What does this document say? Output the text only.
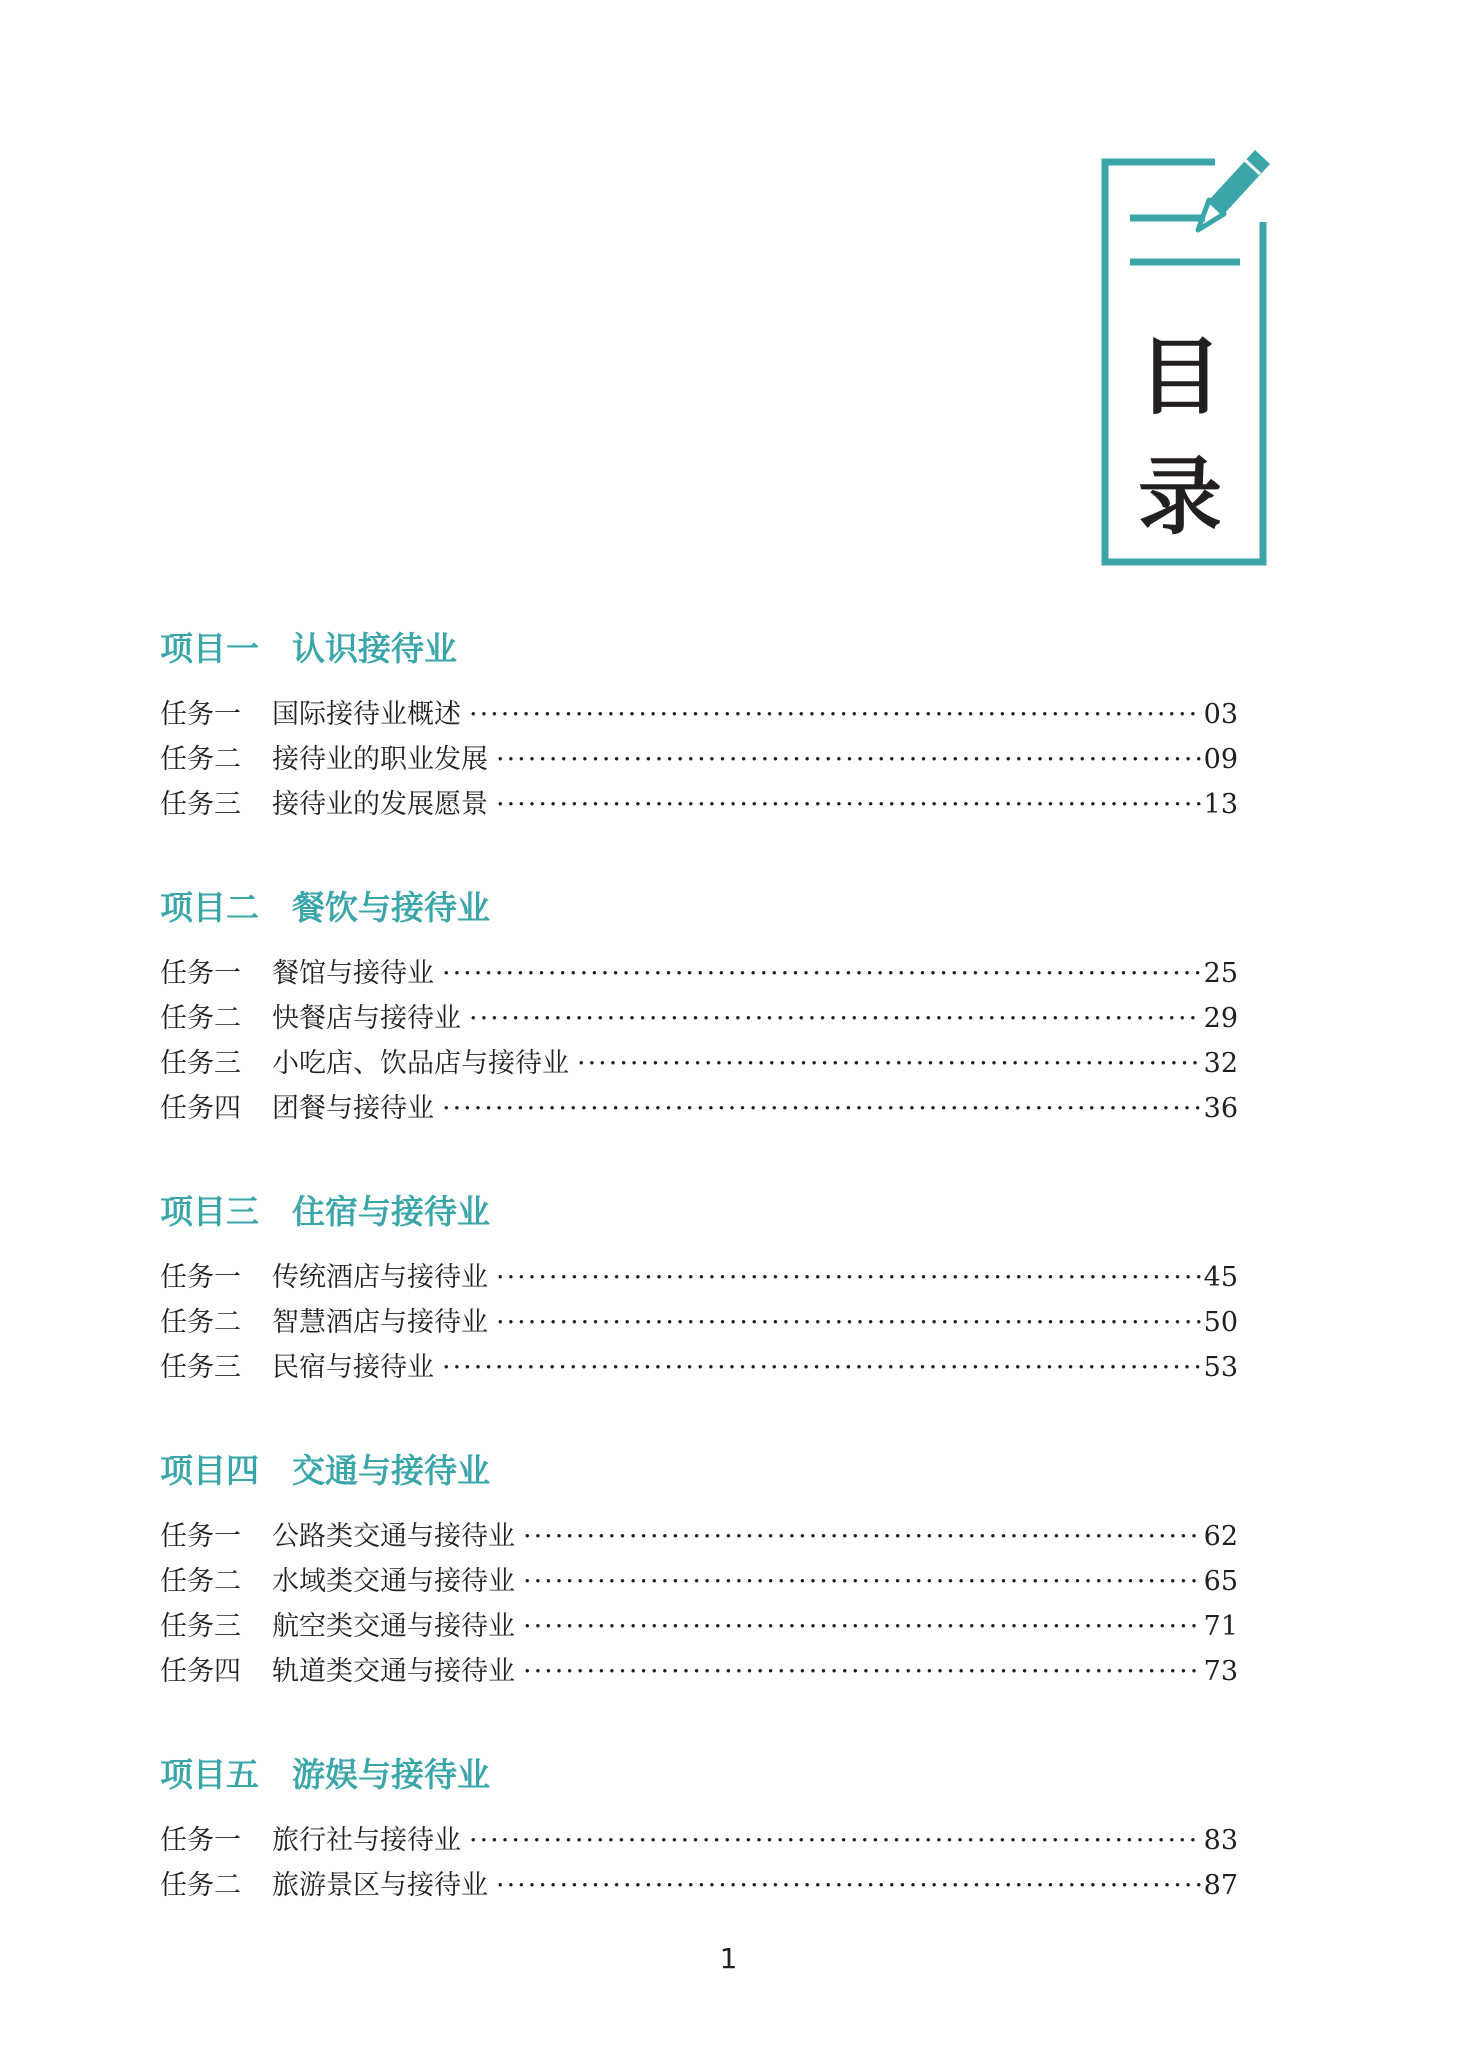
目
录
项目一 认识接待业
任务一	国际接待业概述 ·····	03
任务二	接待业的职业发展 ·····	09
任务三	接待业的发展愿景 ·····	13
项目二 餐饮与接待业
任务一	餐馆与接待业 ·····	25
任务二	快餐店与接待业 ·····	29
任务三	小吃店、饮品店与接待业 ·····	32
任务四	团餐与接待业 ·····	36
项目三 住宿与接待业
任务一	传统酒店与接待业 ·····	45
任务二	智慧酒店与接待业 ·····	50
任务三	民宿与接待业 ·····	53
项目四 交通与接待业
任务一	公路类交通与接待业 ·····	62
任务二	水域类交通与接待业 ·····	65
任务三	航空类交通与接待业 ·····	71
任务四	轨道类交通与接待业 ·····	73
项目五 游娱与接待业
任务一	旅行社与接待业 ·····	83
任务二	旅游景区与接待业 ·····	87
1
